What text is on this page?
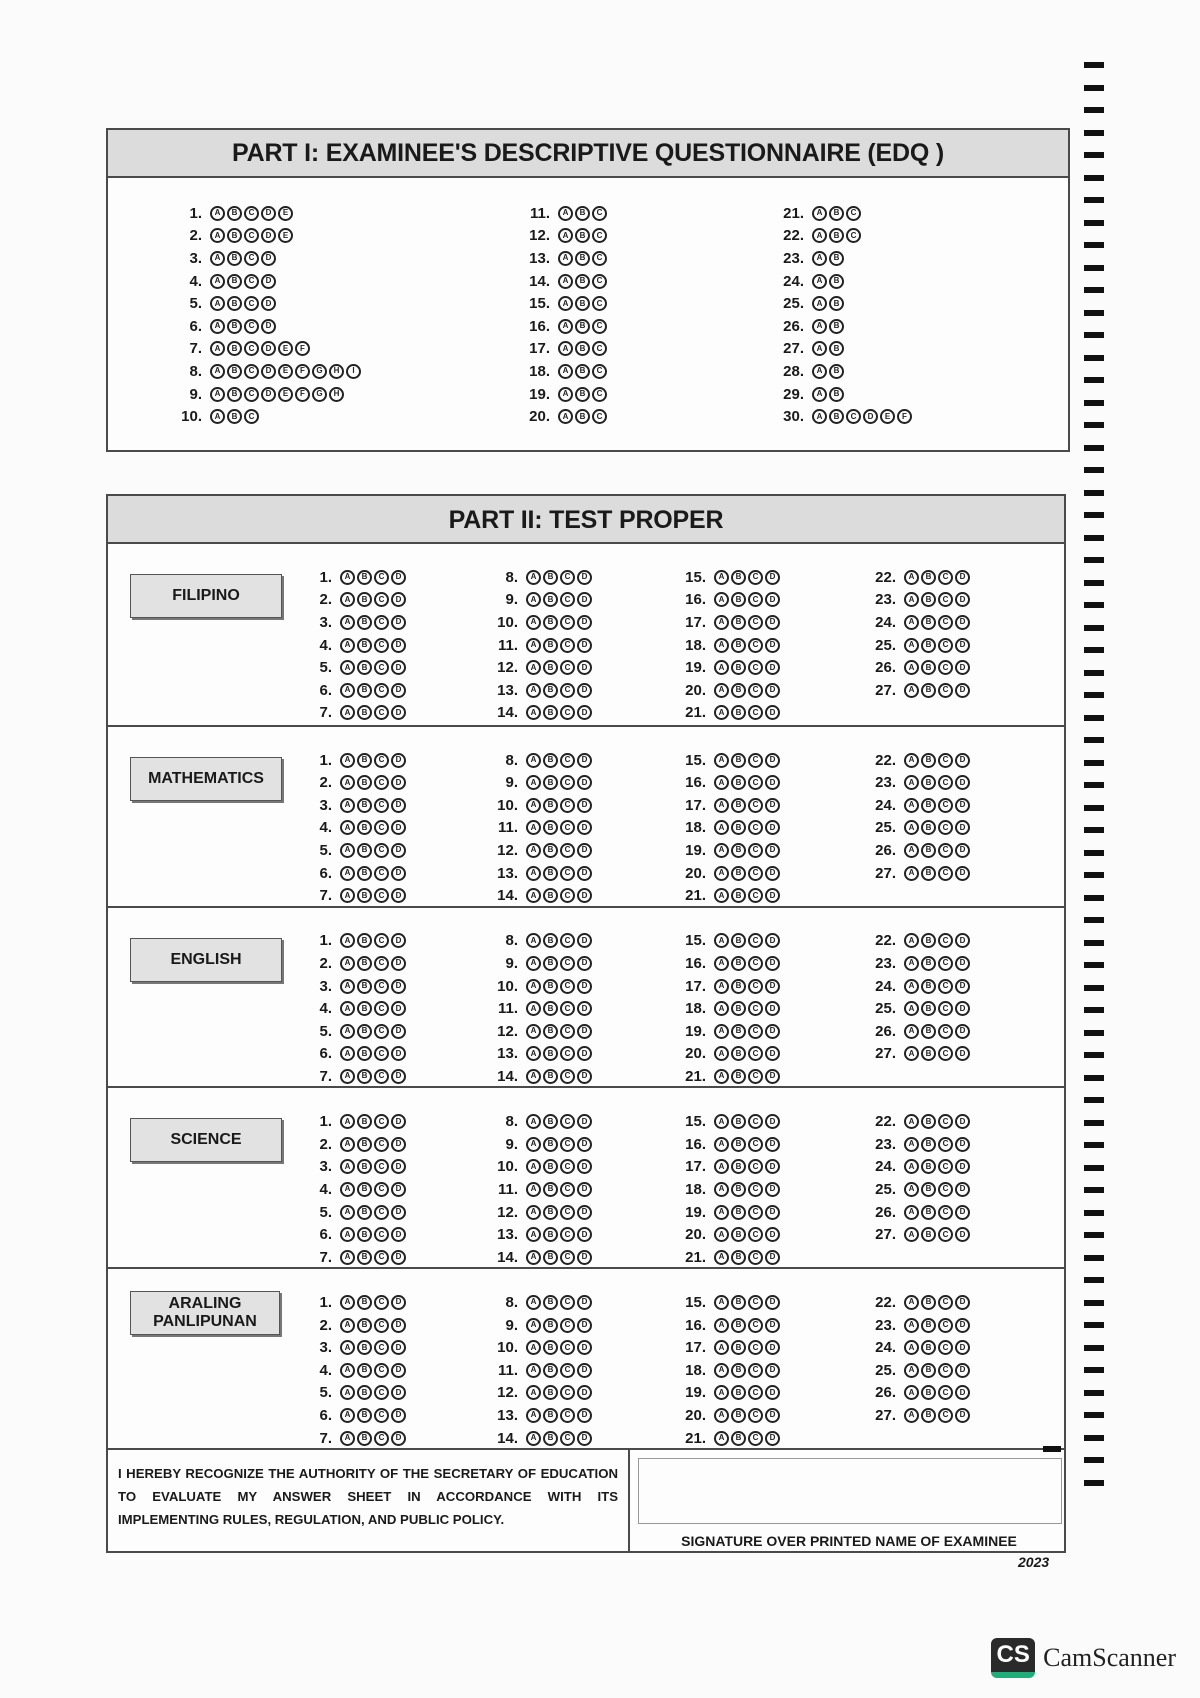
PART I: EXAMINEE'S DESCRIPTIVE QUESTIONNAIRE (EDQ )
1.	A	B	C	D	E
2.	A	B	C	D	E
3.	A	B	C	D
4.	A	B	C	D
5.	A	B	C	D
6.	A	B	C	D
7.	A	B	C	D	E	F
8.	A	B	C	D	E	F	G	H	I
9.	A	B	C	D	E	F	G	H
10.	A	B	C
11.	A	B	C
12.	A	B	C
13.	A	B	C
14.	A	B	C
15.	A	B	C
16.	A	B	C
17.	A	B	C
18.	A	B	C
19.	A	B	C
20.	A	B	C
21.	A	B	C
22.	A	B	C
23.	A	B
24.	A	B
25.	A	B
26.	A	B
27.	A	B
28.	A	B
29.	A	B
30.	A	B	C	D	E	F
PART II: TEST PROPER
FILIPINO
1.	A	B	C	D
2.	A	B	C	D
3.	A	B	C	D
4.	A	B	C	D
5.	A	B	C	D
6.	A	B	C	D
7.	A	B	C	D
8.	A	B	C	D
9.	A	B	C	D
10.	A	B	C	D
11.	A	B	C	D
12.	A	B	C	D
13.	A	B	C	D
14.	A	B	C	D
15.	A	B	C	D
16.	A	B	C	D
17.	A	B	C	D
18.	A	B	C	D
19.	A	B	C	D
20.	A	B	C	D
21.	A	B	C	D
22.	A	B	C	D
23.	A	B	C	D
24.	A	B	C	D
25.	A	B	C	D
26.	A	B	C	D
27.	A	B	C	D
MATHEMATICS
1.	A	B	C	D
2.	A	B	C	D
3.	A	B	C	D
4.	A	B	C	D
5.	A	B	C	D
6.	A	B	C	D
7.	A	B	C	D
8.	A	B	C	D
9.	A	B	C	D
10.	A	B	C	D
11.	A	B	C	D
12.	A	B	C	D
13.	A	B	C	D
14.	A	B	C	D
15.	A	B	C	D
16.	A	B	C	D
17.	A	B	C	D
18.	A	B	C	D
19.	A	B	C	D
20.	A	B	C	D
21.	A	B	C	D
22.	A	B	C	D
23.	A	B	C	D
24.	A	B	C	D
25.	A	B	C	D
26.	A	B	C	D
27.	A	B	C	D
ENGLISH
1.	A	B	C	D
2.	A	B	C	D
3.	A	B	C	D
4.	A	B	C	D
5.	A	B	C	D
6.	A	B	C	D
7.	A	B	C	D
8.	A	B	C	D
9.	A	B	C	D
10.	A	B	C	D
11.	A	B	C	D
12.	A	B	C	D
13.	A	B	C	D
14.	A	B	C	D
15.	A	B	C	D
16.	A	B	C	D
17.	A	B	C	D
18.	A	B	C	D
19.	A	B	C	D
20.	A	B	C	D
21.	A	B	C	D
22.	A	B	C	D
23.	A	B	C	D
24.	A	B	C	D
25.	A	B	C	D
26.	A	B	C	D
27.	A	B	C	D
SCIENCE
1.	A	B	C	D
2.	A	B	C	D
3.	A	B	C	D
4.	A	B	C	D
5.	A	B	C	D
6.	A	B	C	D
7.	A	B	C	D
8.	A	B	C	D
9.	A	B	C	D
10.	A	B	C	D
11.	A	B	C	D
12.	A	B	C	D
13.	A	B	C	D
14.	A	B	C	D
15.	A	B	C	D
16.	A	B	C	D
17.	A	B	C	D
18.	A	B	C	D
19.	A	B	C	D
20.	A	B	C	D
21.	A	B	C	D
22.	A	B	C	D
23.	A	B	C	D
24.	A	B	C	D
25.	A	B	C	D
26.	A	B	C	D
27.	A	B	C	D
ARALING PANLIPUNAN
1.	A	B	C	D
2.	A	B	C	D
3.	A	B	C	D
4.	A	B	C	D
5.	A	B	C	D
6.	A	B	C	D
7.	A	B	C	D
8.	A	B	C	D
9.	A	B	C	D
10.	A	B	C	D
11.	A	B	C	D
12.	A	B	C	D
13.	A	B	C	D
14.	A	B	C	D
15.	A	B	C	D
16.	A	B	C	D
17.	A	B	C	D
18.	A	B	C	D
19.	A	B	C	D
20.	A	B	C	D
21.	A	B	C	D
22.	A	B	C	D
23.	A	B	C	D
24.	A	B	C	D
25.	A	B	C	D
26.	A	B	C	D
27.	A	B	C	D
I HEREBY RECOGNIZE THE AUTHORITY OF THE SECRETARY OF EDUCATION TO EVALUATE MY ANSWER SHEET IN ACCORDANCE WITH ITS IMPLEMENTING RULES, REGULATION, AND PUBLIC POLICY.
SIGNATURE OVER PRINTED NAME OF EXAMINEE
2023
CS CamScanner
